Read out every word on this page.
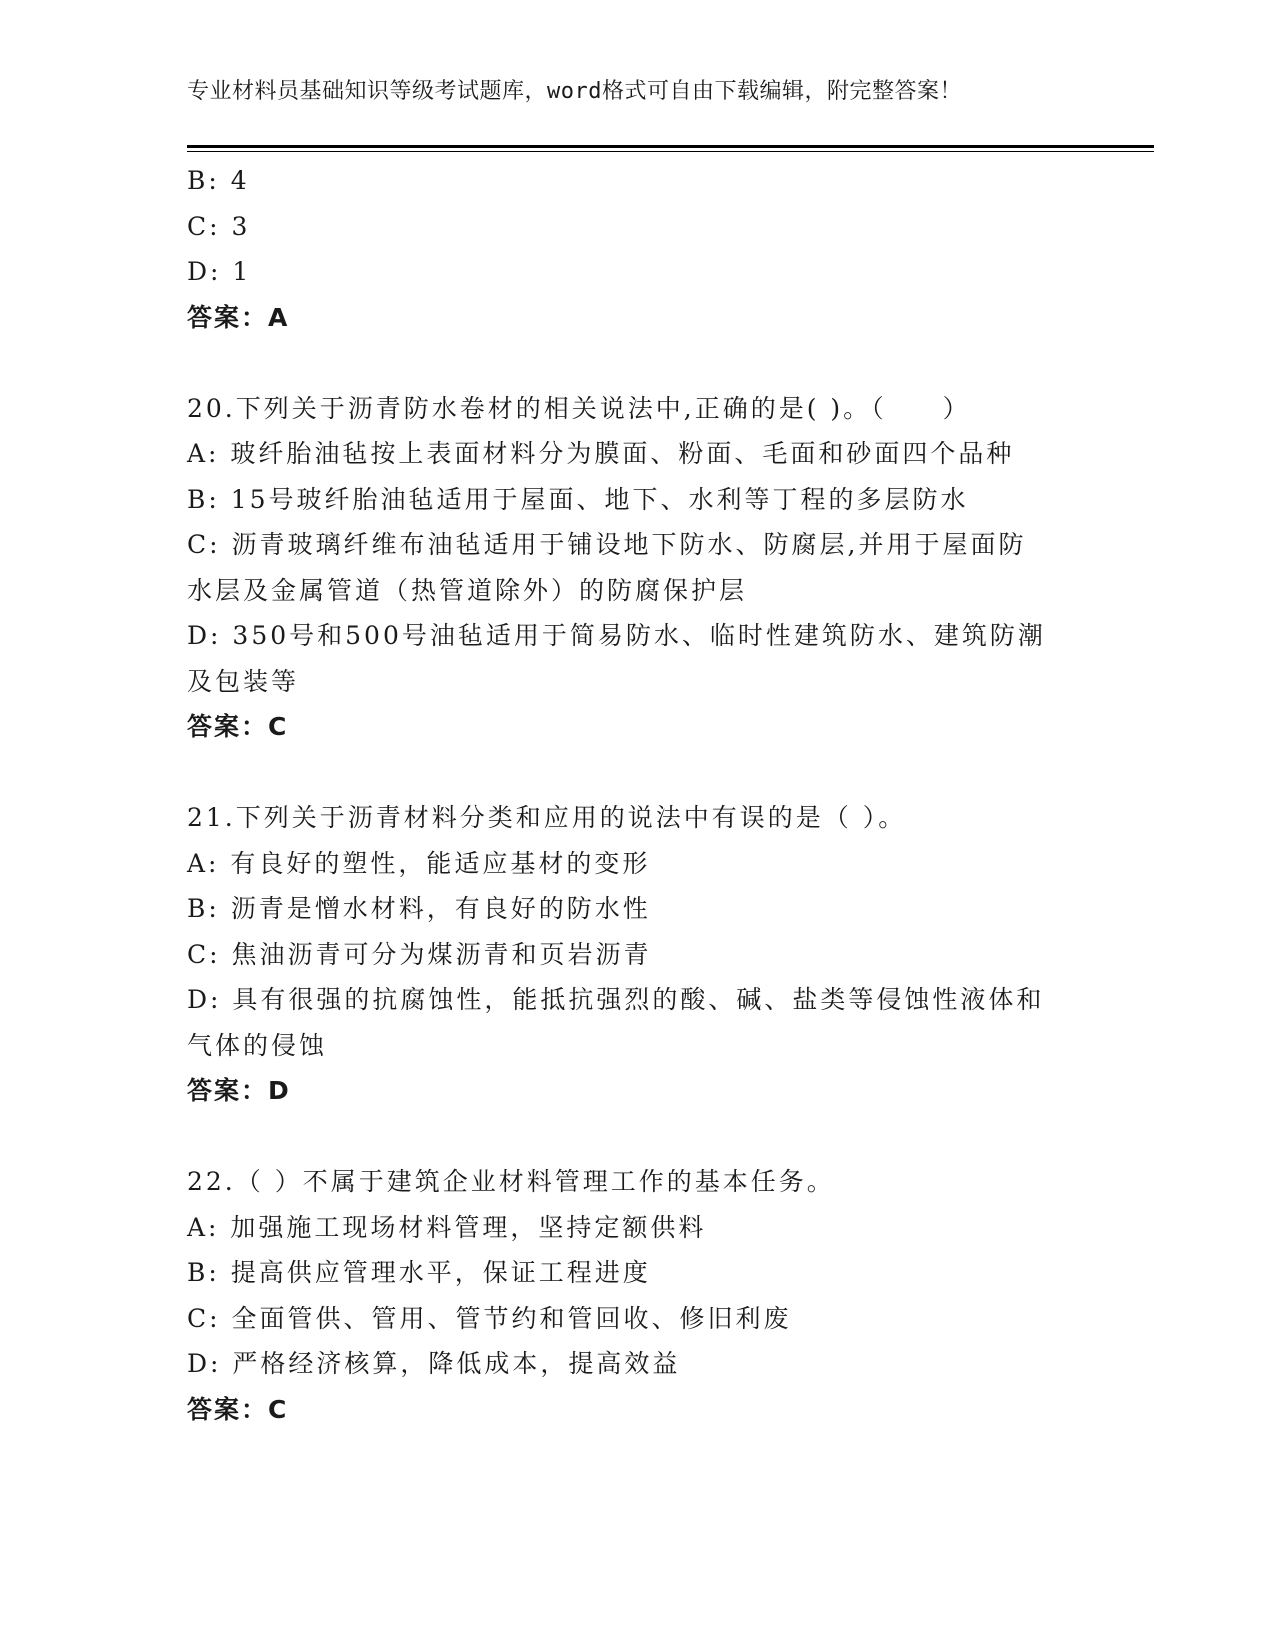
专业材料员基础知识等级考试题库，word格式可自由下载编辑，附完整答案！
B: 4
C: 3
D: 1
答案：A
20.下列关于沥青防水卷材的相关说法中,正确的是( )。（　　）
A: 玻纤胎油毡按上表面材料分为膜面、粉面、毛面和砂面四个品种
B: 15号玻纤胎油毡适用于屋面、地下、水利等丁程的多层防水
C: 沥青玻璃纤维布油毡适用于铺设地下防水、防腐层,并用于屋面防
水层及金属管道（热管道除外）的防腐保护层
D: 350号和500号油毡适用于简易防水、临时性建筑防水、建筑防潮
及包装等
答案：C
21.下列关于沥青材料分类和应用的说法中有误的是（ ）。
A: 有良好的塑性，能适应基材的变形
B: 沥青是憎水材料，有良好的防水性
C: 焦油沥青可分为煤沥青和页岩沥青
D: 具有很强的抗腐蚀性，能抵抗强烈的酸、碱、盐类等侵蚀性液体和
气体的侵蚀
答案：D
22.（ ）不属于建筑企业材料管理工作的基本任务。
A: 加强施工现场材料管理，坚持定额供料
B: 提高供应管理水平，保证工程进度
C: 全面管供、管用、管节约和管回收、修旧利废
D: 严格经济核算，降低成本，提高效益
答案：C
